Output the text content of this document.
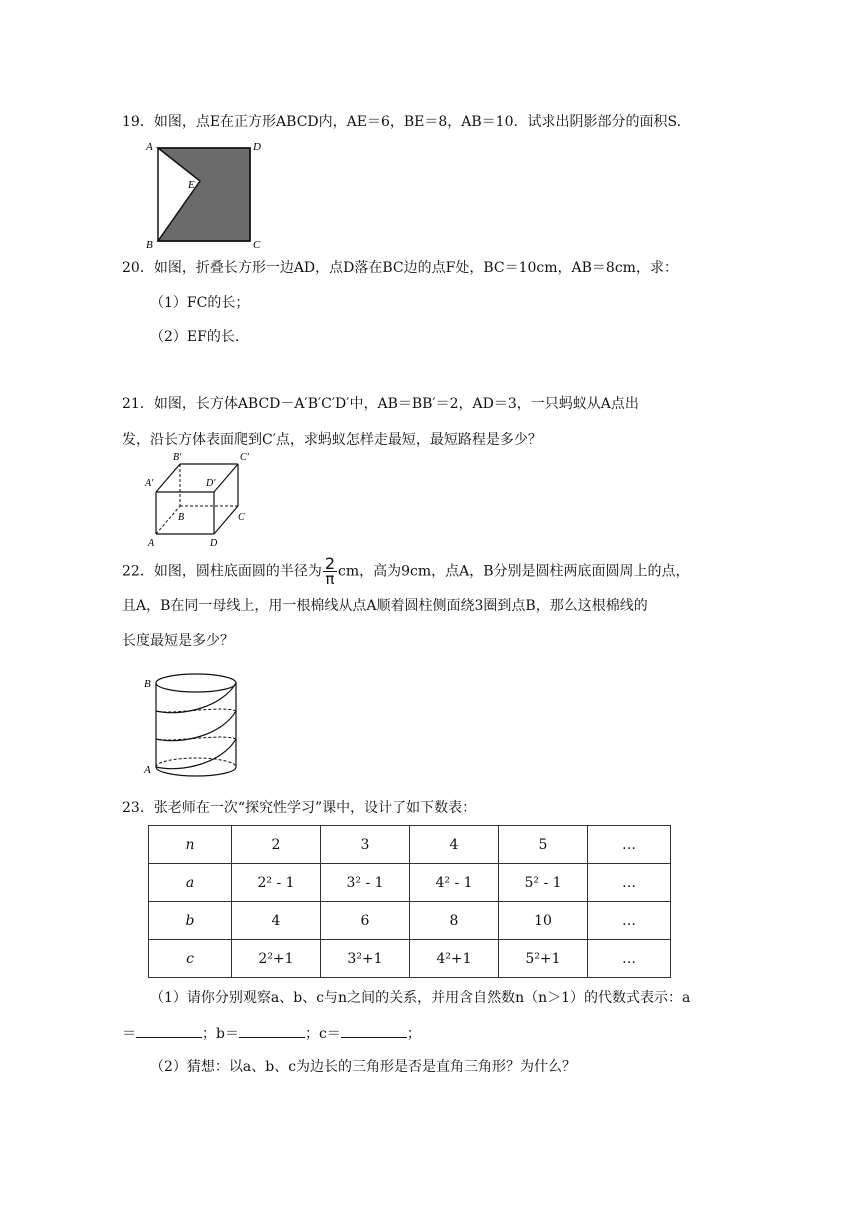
19．如图，点E在正方形ABCD内，AE＝6，BE＝8，AB＝10．试求出阴影部分的面积S.
A	D
E
B	C
20．如图，折叠长方形一边AD，点D落在BC边的点F处，BC＝10cm，AB＝8cm，求：
（1）FC的长；
（2）EF的长.
21．如图，长方体ABCD－A′B′C′D′中，AB＝BB′＝2，AD＝3，一只蚂蚁从A点出
发，沿长方体表面爬到C′点，求蚂蚁怎样走最短，最短路程是多少？
B'	C'
A'	D'
B	C
A	D
22．如图，圆柱底面圆的半径为 $\frac{2}{\pi}$ cm，高为9cm，点A，B分别是圆柱两底面圆周上的点，
且A，B在同一母线上，用一根棉线从点A顺着圆柱侧面绕3圈到点B，那么这根棉线的
长度最短是多少？
B
A
23．张老师在一次“探究性学习”课中，设计了如下数表：
n	2	3	4	5	…
a	2² - 1	3² - 1	4² - 1	5² - 1	…
b	4	6	8	10	…
c	2²+1	3²+1	4²+1	5²+1	…
（1）请你分别观察a、b、c与n之间的关系，并用含自然数n（n＞1）的代数式表示：a
＝	；b＝	；c＝	；
（2）猜想：以a、b、c为边长的三角形是否是直角三角形？为什么？
